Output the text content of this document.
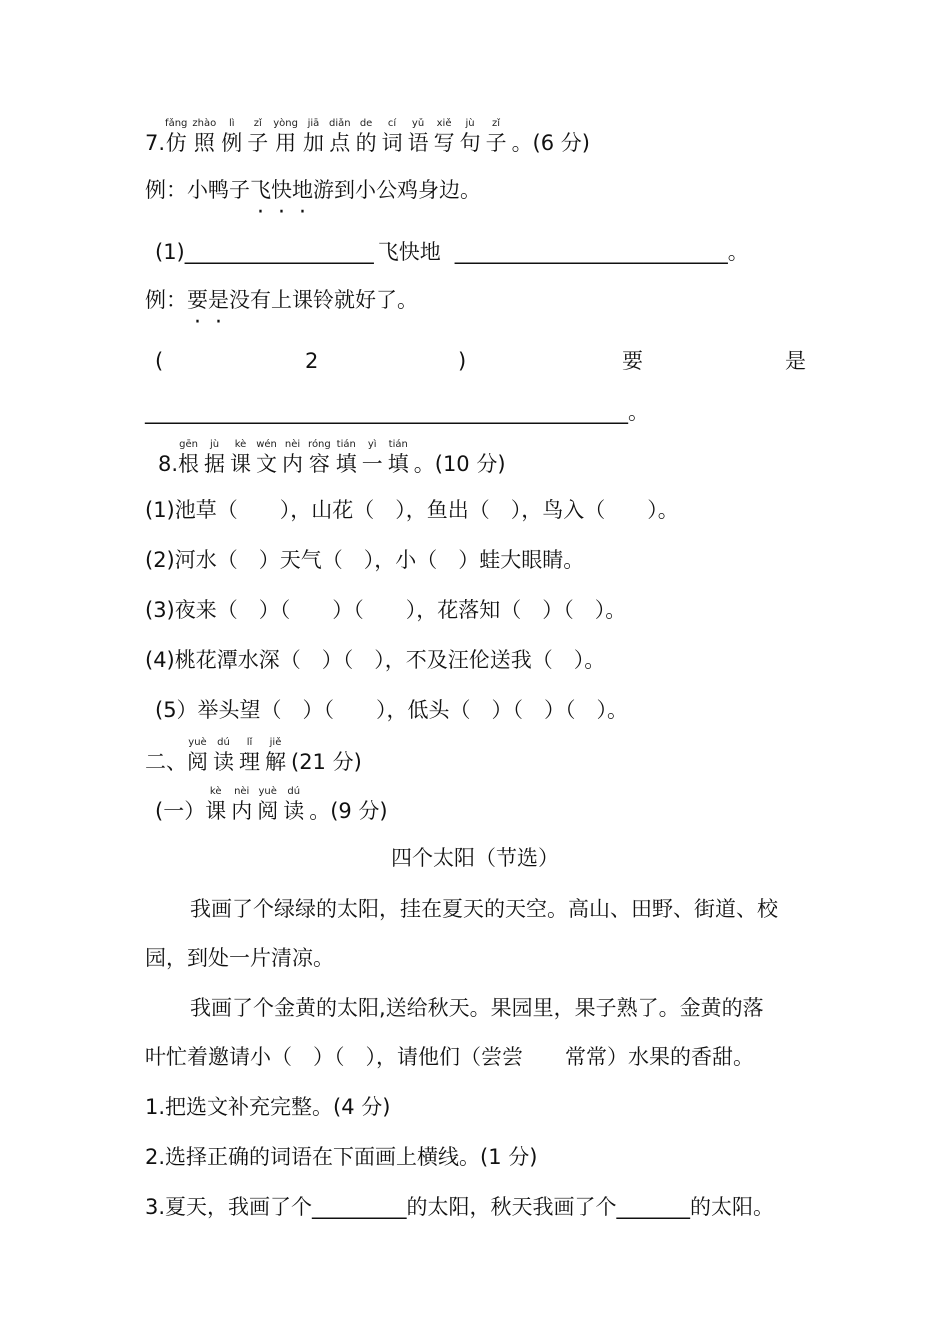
7.
fǎng
仿
zhào
照
lì
例
zǐ
子
yòng
用
jiā
加
diǎn
点
de
的
cí
词
yǔ
语
xiě
写
jù
句
zǐ
子 。(6 分)
例：小鸭子飞快地游到小公鸡身边。
(1)__________________ 飞快地 __________________________。
例：要是没有上课铃就好了。
(	2	)	要	是
______________________________________________。
8.
gēn
根
jù
据
kè
课
wén
文
nèi
内
róng
容
tián
填
yì
一
tián
填 。(10 分)
(1)池草（　　），山花（　），鱼出（　），鸟入（　　）。
(2)河水（　）天气（　），小（　）蛙大眼睛。
(3)夜来（　）（　　）（　　），花落知（　）（　）。
(4)桃花潭水深（　）（　），不及汪伦送我（　）。
(5）举头望（　）（　　），低头（　）（　）（　）。
二、
yuè
阅
dú
读
lǐ
理
jiě
解 (21 分)
(一）
kè
课
nèi
内
yuè
阅
dú
读 。(9 分)
四个太阳（节选）
我画了个绿绿的太阳，挂在夏天的天空。高山、田野、街道、校
园，到处一片清凉。
我画了个金黄的太阳,送给秋天。果园里，果子熟了。金黄的落
叶忙着邀请小（　）（　），请他们（尝尝　　常常）水果的香甜。
1.把选文补充完整。(4 分)
2.选择正确的词语在下面画上横线。(1 分)
3.夏天，我画了个_________的太阳，秋天我画了个_______的太阳。
